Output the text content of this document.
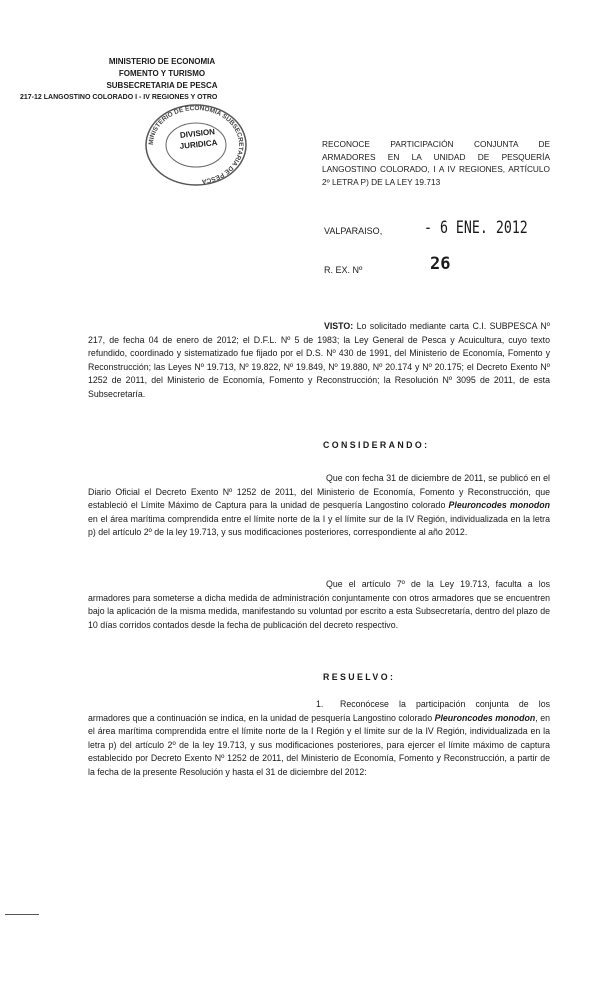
MINISTERIO DE ECONOMIA
FOMENTO Y TURISMO
SUBSECRETARIA DE PESCA
217-12 LANGOSTINO COLORADO I - IV REGIONES Y OTRO
MINISTERIO DE ECONOMIA SUBSECRETARIA DE PESCA
DIVISION
JURIDICA	RECONOCE PARTICIPACIÓN CONJUNTA DE ARMADORES EN LA UNIDAD DE PESQUERÍA LANGOSTINO COLORADO, I A IV REGIONES, ARTÍCULO 2º LETRA P) DE LA LEY 19.713
VALPARAISO, - 6 ENE. 2012
R. EX. Nº	26
VISTO: Lo solicitado mediante carta C.I. SUBPESCA Nº 217, de fecha 04 de enero de 2012; el D.F.L. Nº 5 de 1983; la Ley General de Pesca y Acuicultura, cuyo texto refundido, coordinado y sistematizado fue fijado por el D.S. Nº 430 de 1991, del Ministerio de Economía, Fomento y Reconstrucción; las Leyes Nº 19.713, Nº 19.822, Nº 19.849, Nº 19.880, Nº 20.174 y Nº 20.175; el Decreto Exento Nº 1252 de 2011, del Ministerio de Economía, Fomento y Reconstrucción; la Resolución Nº 3095 de 2011, de esta Subsecretaría.
CONSIDERANDO:
Que con fecha 31 de diciembre de 2011, se publicó en el Diario Oficial el Decreto Exento Nº 1252 de 2011, del Ministerio de Economía, Fomento y Reconstrucción, que estableció el Límite Máximo de Captura para la unidad de pesquería Langostino colorado Pleuroncodes monodon en el área marítima comprendida entre el límite norte de la I y el límite sur de la IV Región, individualizada en la letra p) del artículo 2º de la ley 19.713, y sus modificaciones posteriores, correspondiente al año 2012.
Que el artículo 7º de la Ley 19.713, faculta a los armadores para someterse a dicha medida de administración conjuntamente con otros armadores que se encuentren bajo la aplicación de la misma medida, manifestando su voluntad por escrito a esta Subsecretaría, dentro del plazo de 10 días corridos contados desde la fecha de publicación del decreto respectivo.
RESUELVO:
1. Reconócese la participación conjunta de los armadores que a continuación se indica, en la unidad de pesquería Langostino colorado Pleuroncodes monodon, en el área marítima comprendida entre el límite norte de la I Región y el límite sur de la IV Región, individualizada en la letra p) del artículo 2º de la ley 19.713, y sus modificaciones posteriores, para ejercer el límite máximo de captura establecido por Decreto Exento Nº 1252 de 2011, del Ministerio de Economía, Fomento y Reconstrucción, a partir de la fecha de la presente Resolución y hasta el 31 de diciembre del 2012:
